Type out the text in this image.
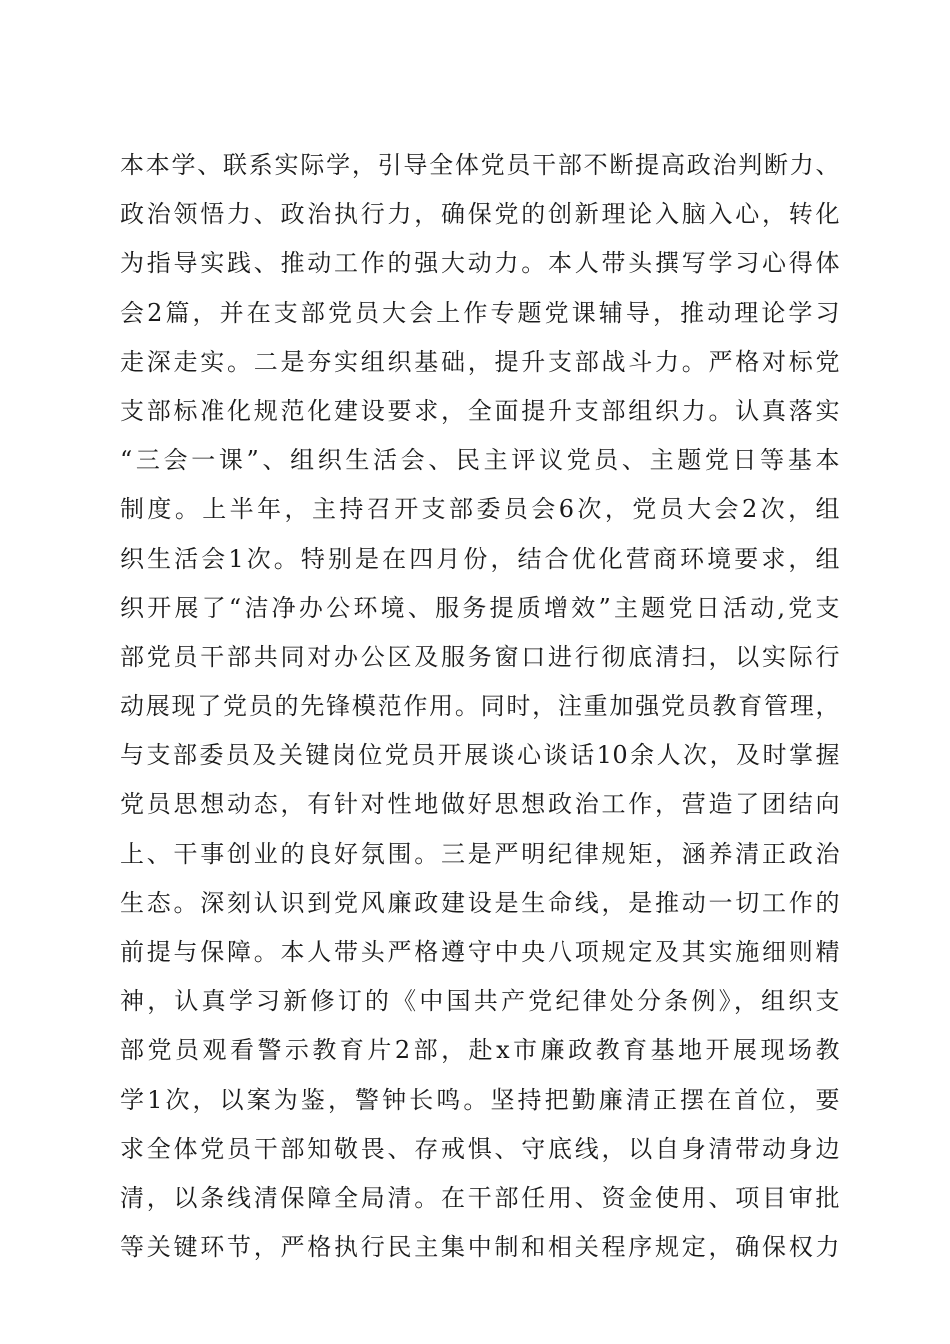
本本学、联系实际学，引导全体党员干部不断提高政治判断力、
政治领悟力、政治执行力，确保党的创新理论入脑入心，转化
为指导实践、推动工作的强大动力。本人带头撰写学习心得体
会2篇，并在支部党员大会上作专题党课辅导，推动理论学习
走深走实。二是夯实组织基础，提升支部战斗力。严格对标党
支部标准化规范化建设要求，全面提升支部组织力。认真落实
“三会一课”、组织生活会、民主评议党员、主题党日等基本
制度。上半年，主持召开支部委员会6次，党员大会2次，组
织生活会1次。特别是在四月份，结合优化营商环境要求，组
织开展了“洁净办公环境、服务提质增效”主题党日活动,党支
部党员干部共同对办公区及服务窗口进行彻底清扫，以实际行
动展现了党员的先锋模范作用。同时，注重加强党员教育管理，
与支部委员及关键岗位党员开展谈心谈话10余人次，及时掌握
党员思想动态，有针对性地做好思想政治工作，营造了团结向
上、干事创业的良好氛围。三是严明纪律规矩，涵养清正政治
生态。深刻认识到党风廉政建设是生命线，是推动一切工作的
前提与保障。本人带头严格遵守中央八项规定及其实施细则精
神，认真学习新修订的《中国共产党纪律处分条例》，组织支
部党员观看警示教育片2部，赴x市廉政教育基地开展现场教
学1次，以案为鉴，警钟长鸣。坚持把勤廉清正摆在首位，要
求全体党员干部知敬畏、存戒惧、守底线，以自身清带动身边
清，以条线清保障全局清。在干部任用、资金使用、项目审批
等关键环节，严格执行民主集中制和相关程序规定，确保权力
